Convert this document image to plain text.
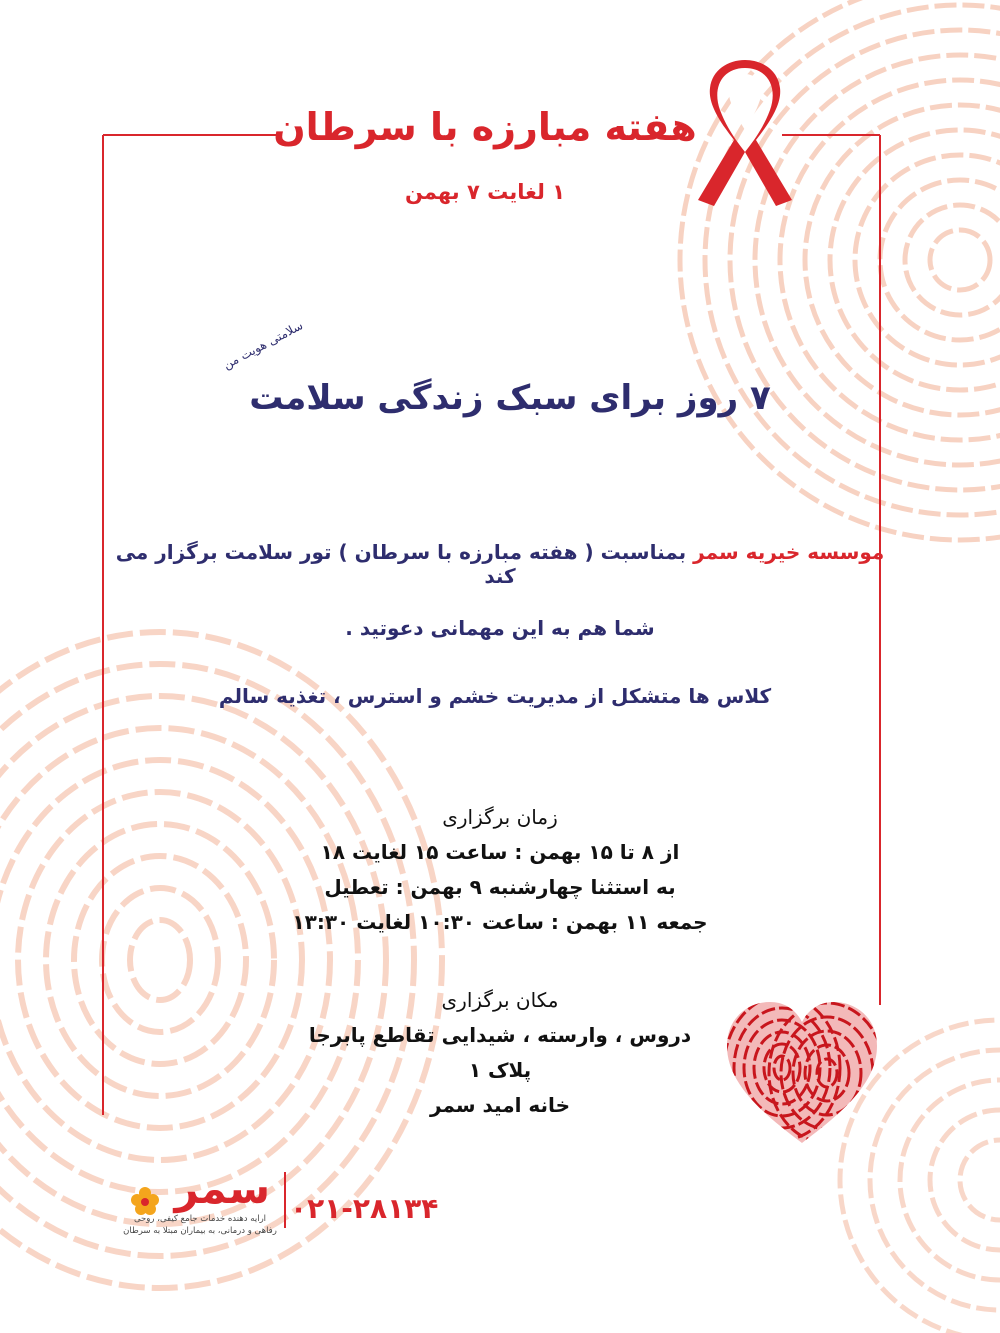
هفته مبارزه با سرطان
۱ لغایت ۷ بهمن
سلامتی هویت من
۷ روز برای سبک زندگی سلامت
موسسه خیریه سمر بمناسبت ( هفته مبارزه با سرطان ) تور سلامت برگزار می کند
شما هم به این مهمانی دعوتید .
کلاس ها متشکل از مدیریت خشم و استرس ، تغذیه سالم
زمان برگزاری
از ۸ تا ۱۵ بهمن : ساعت ۱۵ لغایت ۱۸
به استثنا چهارشنبه ۹ بهمن : تعطیل
جمعه ۱۱ بهمن : ساعت ۱۰:۳۰ لغایت ۱۳:۳۰
مکان برگزاری
دروس ، وارسته ، شیدایی تقاطع پابرجا
پلاک ۱
خانه امید سمر
سمر
ارایه دهنده خدمات جامع کیفی، روحی
رفاهی و درمانی، به بیماران مبتلا به سرطان
۰۲۱-۲۸۱۳۴
